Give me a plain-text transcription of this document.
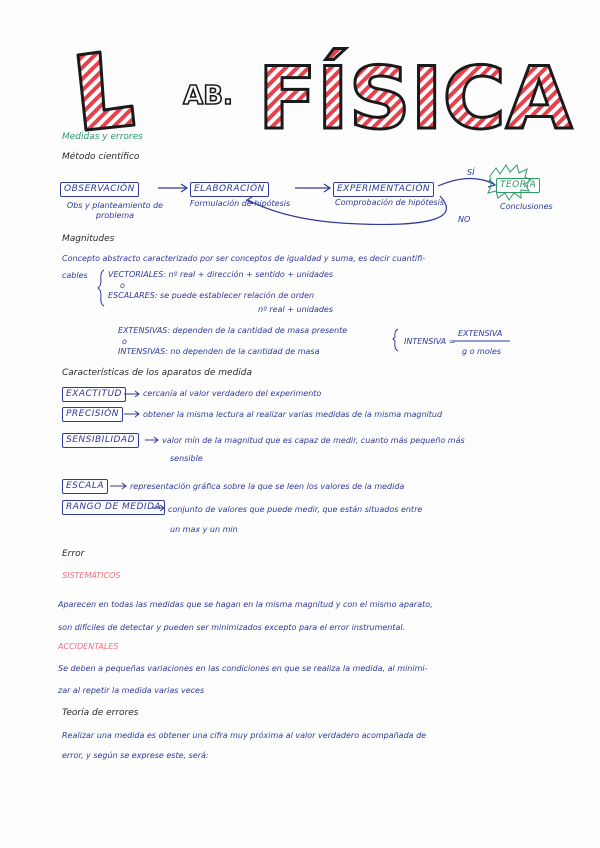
AB. FÍSICA
Medidas y errores
Método científico
OBSERVACIÓN	ELABORACIÓN	EXPERIMENTACIÓN	TEORÍA
Obs y planteamiento de problema
Formulación de hipótesis	Comprobación de hipótesis	Conclusiones
SÍ
NO
Magnitudes
Concepto abstracto caracterizado por ser conceptos de igualdad y suma, es decir cuantifi-
cables	VECTORIALES: nº real + dirección + sentido + unidades
o
ESCALARES: se puede establecer relación de orden
nº real + unidades
EXTENSIVAS: dependen de la cantidad de masa presente
o
INTENSIVAS: no dependen de la cantidad de masa
INTENSIVA =
EXTENSIVA
g o moles
Características de los aparatos de medida
EXACTITUD	cercanía al valor verdadero del experimento
PRECISIÓN	obtener la misma lectura al realizar varias medidas de la misma magnitud
SENSIBILIDAD	valor mín de la magnitud que es capaz de medir, cuanto más pequeño más
sensible
ESCALA	representación gráfica sobre la que se leen los valores de la medida
RANGO DE MEDIDA conjunto de valores que puede medir, que están situados entre
un max y un min
Error
SISTEMÁTICOS
Aparecen en todas las medidas que se hagan en la misma magnitud y con el mismo aparato,
son difíciles de detectar y pueden ser minimizados excepto para el error instrumental.
ACCIDENTALES
Se deben a pequeñas variaciones en las condiciones en que se realiza la medida, al minimi-
zar al repetir la medida varias veces
Teoría de errores
Realizar una medida es obtener una cifra muy próxima al valor verdadero acompañada de
error, y según se exprese este, será:
